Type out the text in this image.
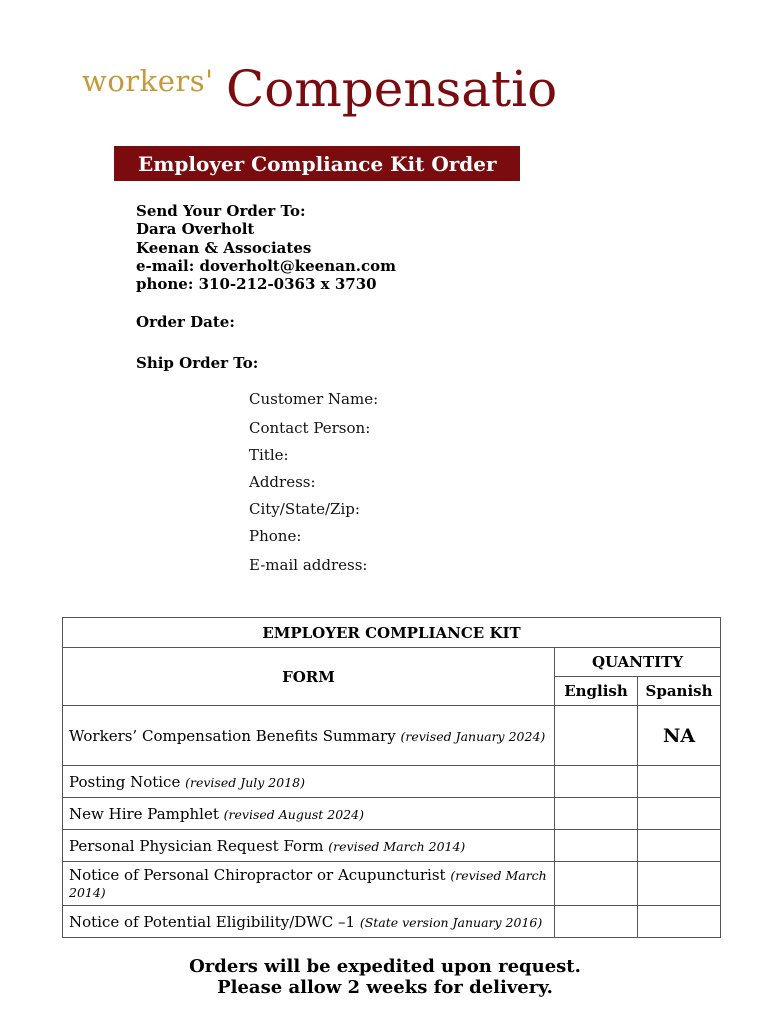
workers' Compensatio
Employer Compliance Kit Order
Send Your Order To:
Dara Overholt
Keenan & Associates
e-mail: doverholt@keenan.com
phone: 310-212-0363 x 3730
Order Date:
Ship Order To:
Customer Name:
Contact Person:
Title:
Address:
City/State/Zip:
Phone:
E-mail address:
EMPLOYER COMPLIANCE KIT		
FORM	QUANTITY	
	English	Spanish
Workers’ Compensation Benefits Summary (revised January 2024)		NA
Posting Notice (revised July 2018)		
New Hire Pamphlet (revised August 2024)		
Personal Physician Request Form (revised March 2014)		
Notice of Personal Chiropractor or Acupuncturist (revised March 2014)		
Notice of Potential Eligibility/DWC –1 (State version January 2016)		
Orders will be expedited upon request.
Please allow 2 weeks for delivery.
